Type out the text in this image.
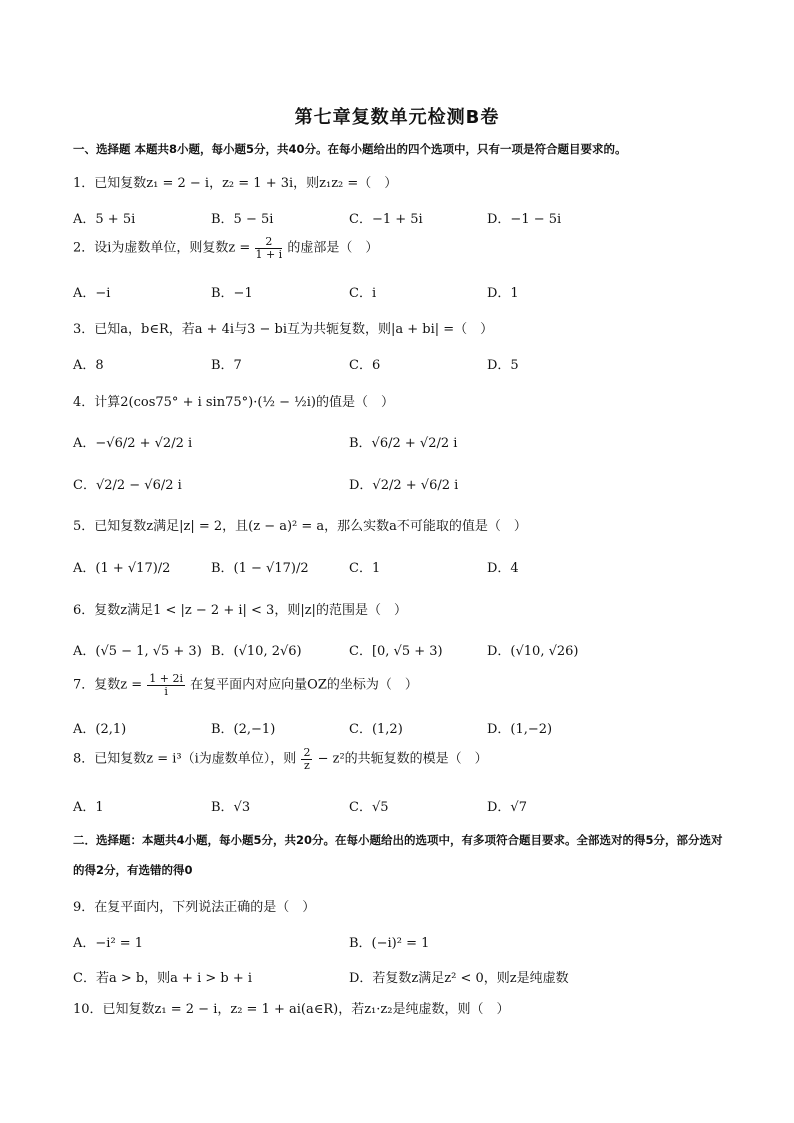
第七章复数单元检测B卷
一、选择题 本题共8小题，每小题5分，共40分。在每小题给出的四个选项中，只有一项是符合题目要求的。
1．已知复数z₁ = 2 − i，z₂ = 1 + 3i，则z₁z₂ =（　）
A．5 + 5i	B．5 − 5i	C．−1 + 5i	D．−1 − 5i
2．设i为虚数单位，则复数$z = \frac{2}{1 + i}$ 的虚部是（　）
A．−i	B．−1	C．i	D．1
3．已知a，b∈R，若a + 4i与3 − bi互为共轭复数，则|a + bi| =（　）
A．8	B．7	C．6	D．5
4．计算2(cos75° + i sin75°)·(½ − ½i)的值是（　）
A．−√6/2 + √2/2 i	B．√6/2 + √2/2 i
C．√2/2 − √6/2 i	D．√2/2 + √6/2 i
5．已知复数z满足|z| = 2，且(z − a)² = a，那么实数a不可能取的值是（　）
A．(1 + √17)/2	B．(1 − √17)/2	C．1	D．4
6．复数z满足1 < |z − 2 + i| < 3，则|z|的范围是（　）
A．(√5 − 1, √5 + 3) B．(√10, 2√6)	C．[0, √5 + 3)	D．(√10, √26)
7．复数$z = \frac{1 + 2i}{i}$ 在复平面内对应向量OZ的坐标为（　）
A．(2,1)	B．(2,−1)	C．(1,2)	D．(1,−2)
8．已知复数z = i³（i为虚数单位），则 $\frac{2}{z} - z^2$的共轭复数的模是（　）
A．1	B．√3	C．√5	D．√7
二．选择题：本题共4小题，每小题5分，共20分。在每小题给出的选项中，有多项符合题目要求。全部选对的得5分，部分选对的得2分，有选错的得0
9．在复平面内，下列说法正确的是（　）
A．−i² = 1	B．(−i)² = 1
C．若a > b，则a + i > b + i	D．若复数z满足z² < 0，则z是纯虚数
10．已知复数z₁ = 2 − i，z₂ = 1 + ai(a∈R)，若z₁·z₂是纯虚数，则（　）
